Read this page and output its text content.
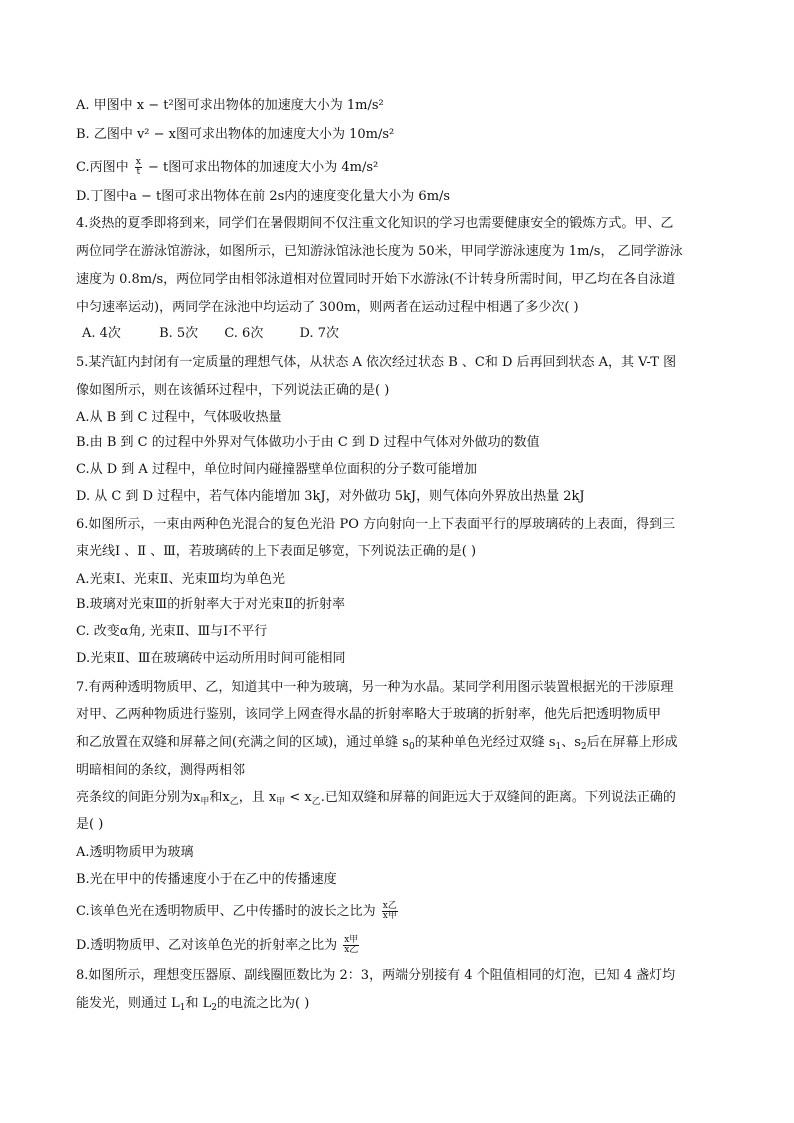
A. 甲图中 x − t²图可求出物体的加速度大小为 1m/s²
B. 乙图中 v² − x图可求出物体的加速度大小为 10m/s²
C.丙图中 $\frac{x}{t} - t$图可求出物体的加速度大小为 4m/s²
D.丁图中a − t图可求出物体在前 2s内的速度变化量大小为 6m/s
4.炎热的夏季即将到来，同学们在暑假期间不仅注重文化知识的学习也需要健康安全的锻炼方式。甲、乙
两位同学在游泳馆游泳，如图所示，已知游泳馆泳池长度为 50米，甲同学游泳速度为 1m/s， 乙同学游泳
速度为 0.8m/s，两位同学由相邻泳道相对位置同时开始下水游泳(不计转身所需时间，甲乙均在各自泳道
中匀速率运动)，两同学在泳池中均运动了 300m，则两者在运动过程中相遇了多少次( )
A. 4次	B. 5次 C. 6次	D. 7次
5.某汽缸内封闭有一定质量的理想气体，从状态 A 依次经过状态 B 、C和 D 后再回到状态 A，其 V-T 图
像如图所示，则在该循环过程中，下列说法正确的是( )
A.从 B 到 C 过程中，气体吸收热量
B.由 B 到 C 的过程中外界对气体做功小于由 C 到 D 过程中气体对外做功的数值
C.从 D 到 A 过程中，单位时间内碰撞器壁单位面积的分子数可能增加
D. 从 C 到 D 过程中，若气体内能增加 3kJ，对外做功 5kJ，则气体向外界放出热量 2kJ
6.如图所示，一束由两种色光混合的复色光沿 PO 方向射向一上下表面平行的厚玻璃砖的上表面，得到三
束光线Ⅰ 、Ⅱ 、Ⅲ，若玻璃砖的上下表面足够宽，下列说法正确的是( )
A.光束Ⅰ、光束Ⅱ、光束Ⅲ均为单色光
B.玻璃对光束Ⅲ的折射率大于对光束Ⅱ的折射率
C. 改变α角, 光束Ⅱ、Ⅲ与Ⅰ不平行
D.光束Ⅱ、Ⅲ在玻璃砖中运动所用时间可能相同
7.有两种透明物质甲、乙，知道其中一种为玻璃，另一种为水晶。某同学利用图示装置根据光的干涉原理
对甲、乙两种物质进行鉴别，该同学上网查得水晶的折射率略大于玻璃的折射率，他先后把透明物质甲
和乙放置在双缝和屏幕之间(充满之间的区域)，通过单缝 $s_0$的某种单色光经过双缝 $s_1$、$s_2$后在屏幕上形成
明暗相间的条纹，测得两相邻
亮条纹的间距分别为$x_甲$和$x_乙$，且 $x_甲 < x_乙$.已知双缝和屏幕的间距远大于双缝间的距离。下列说法正确的
是( )
A.透明物质甲为玻璃
B.光在甲中的传播速度小于在乙中的传播速度
C.该单色光在透明物质甲、乙中传播时的波长之比为 $\frac{\text{x乙}}{\text{x甲}}$
D.透明物质甲、乙对该单色光的折射率之比为 $\frac{\text{x甲}}{\text{x乙}}$
8.如图所示，理想变压器原、副线圈匝数比为 2：3，两端分别接有 4 个阻值相同的灯泡，已知 4 盏灯均
能发光，则通过 $L_1$和 $L_2$的电流之比为( )
